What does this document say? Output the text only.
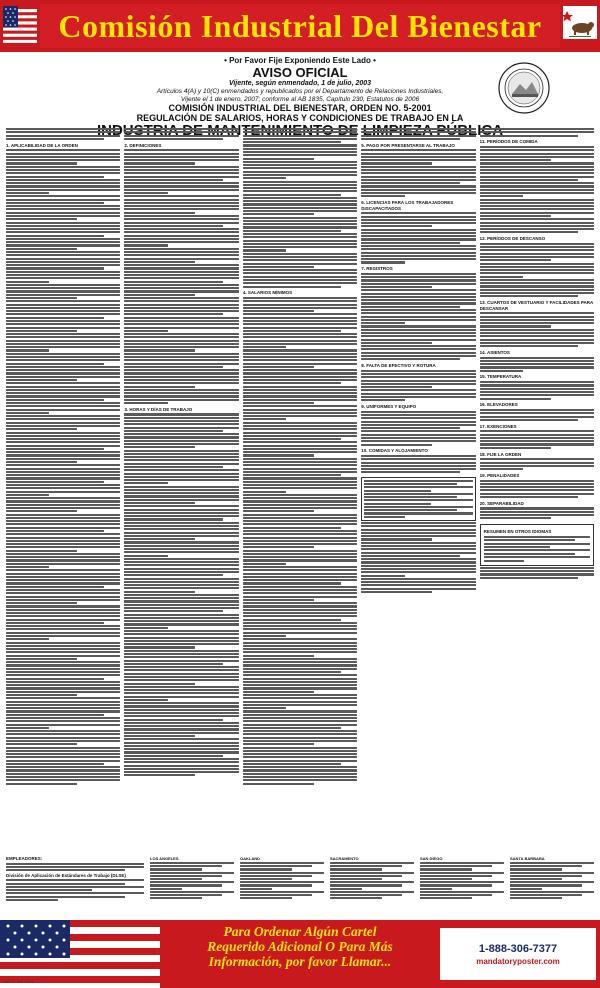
Comisión Industrial Del Bienestar
• Por Favor Fije Exponiendo Este Lado •
AVISO OFICIAL
Vijente, según enmendado, 1 de julio, 2003
Artículos 4(A) y 10(C) enmendados y republicados por el Departamento de Relaciones Industriales,
Vijente el 1 de enero, 2007; conforme al AB 1835, Capítulo 230, Estatutos de 2006
COMISIÓN INDUSTRIAL DEL BIENESTAR, ORDEN NO. 5-2001
REGULACIÓN DE SALARIOS, HORAS Y CONDICIONES DE TRABAJO EN LA
1. APLICABILIDAD DE LA ORDEN	2. DEFINICIONES
3. HORAS Y DÍAS DE TRABAJO
4. SALARIOS MÍNIMOS
5. PAGO POR PRESENTARSE AL TRABAJO
6. LICENCIAS PARA LOS TRABAJADORES DISCAPACITADOS
7. REGISTROS
8. FALTA DE EFECTIVO Y ROTURA
9. UNIFORMES Y EQUIPO
10. COMIDAS Y ALOJAMIENTO
11. PERÍODOS DE COMIDA
12. PERÍODOS DE DESCANSO
13. CUARTOS DE VESTUARIO Y FACILIDADES PARA DESCANSAR
14. ASIENTOS
15. TEMPERATURA
16. ELEVADORES
17. EXENCIONES
18. FIJE LA ORDEN
19. PENALIDADES
20. SEPARABILIDAD
RESUMEN EN OTROS IDIOMAS
EMPLEADORES:
División de Aplicación de Estándares de Trabajo (DLSE)
LOS ANGELES	OAKLAND	SACRAMENTO	SAN DIEGO	SANTA BARBARA
Para Ordenar Algún Cartel
Requerido Adicional O Para Más
Información, por favor Llamar...
1-888-306-7377
mandatoryposter.com
IWC 5 - Rev. 01/14
